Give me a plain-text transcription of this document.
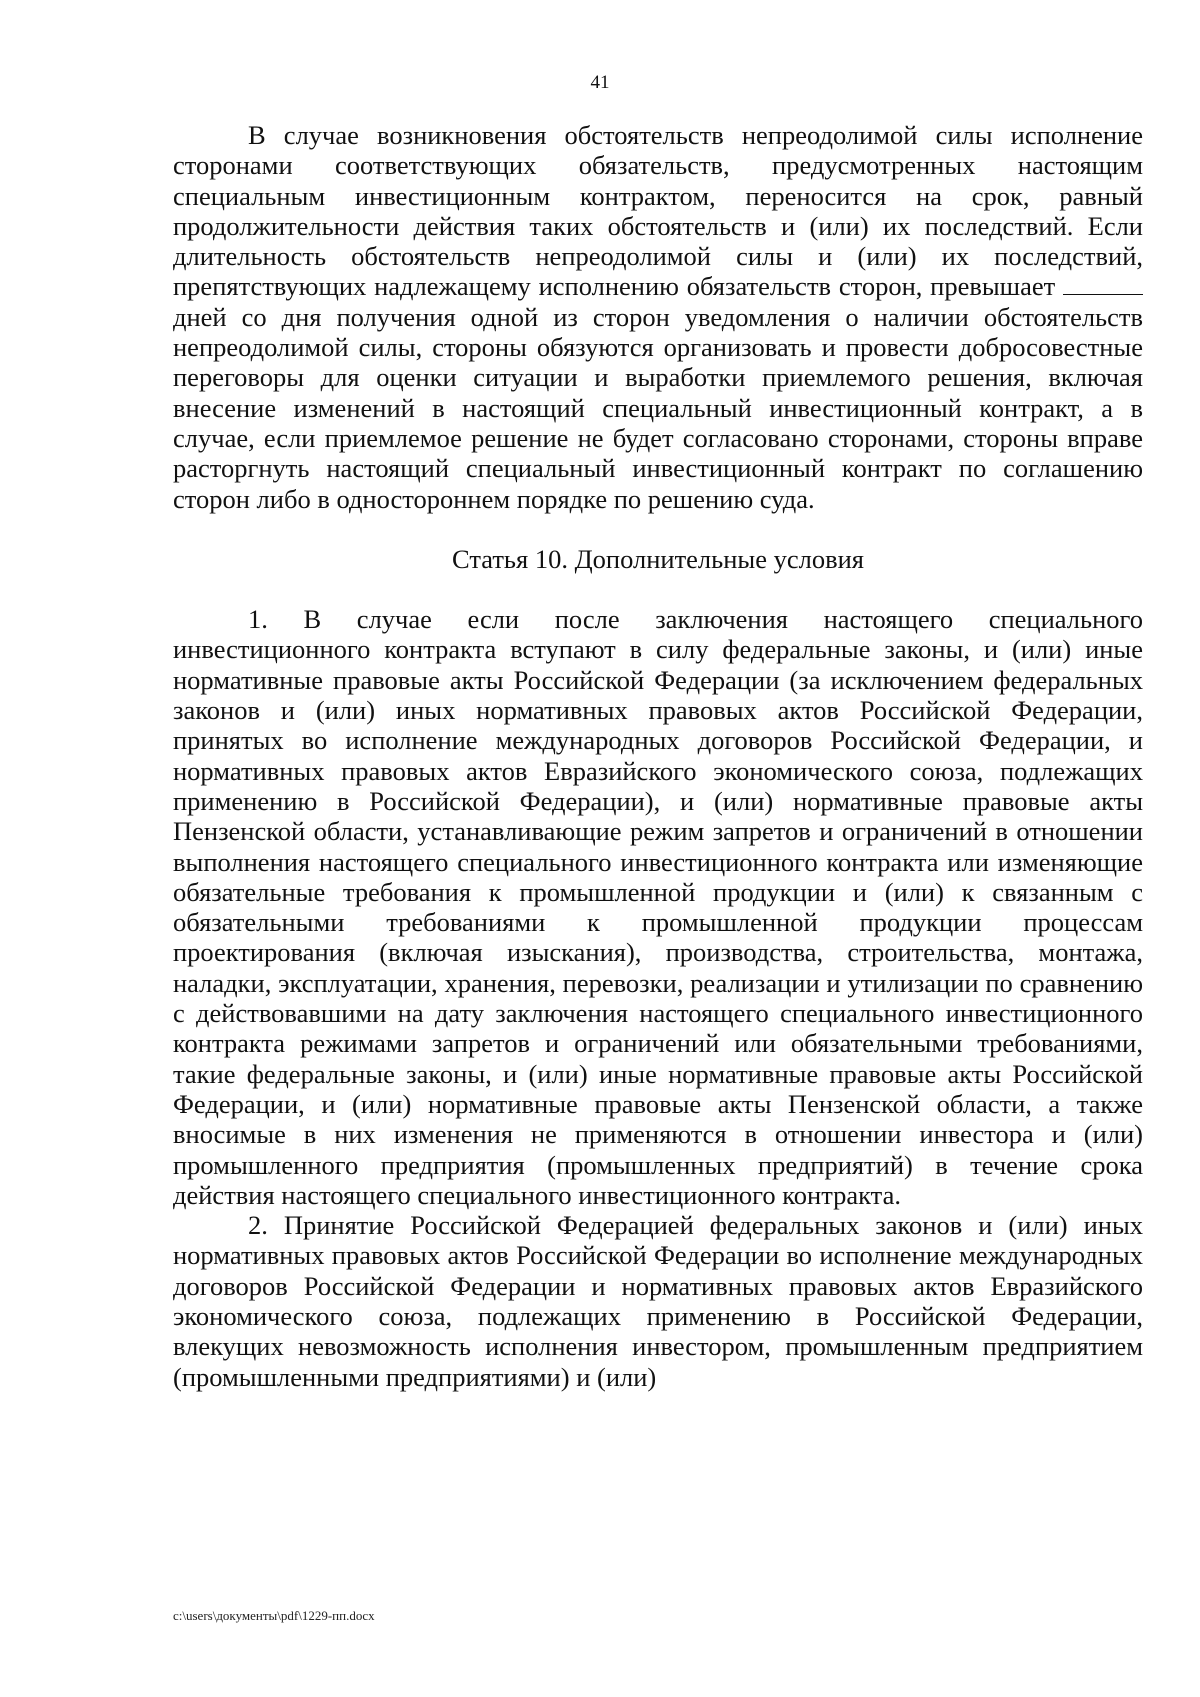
41

В случае возникновения обстоятельств непреодолимой силы исполнение сторонами соответствующих обязательств, предусмотренных настоящим специальным инвестиционным контрактом, переносится на срок, равный продолжительности действия таких обстоятельств и (или) их последствий. Если длительность обстоятельств непреодолимой силы и (или) их последствий, препятствующих надлежащему исполнению обязательств сторон, превышает  дней со дня получения одной из сторон уведомления о наличии обстоятельств непреодолимой силы, стороны обязуются организовать и провести добросовестные переговоры для оценки ситуации и выработки приемлемого решения, включая внесение изменений в настоящий специальный инвестиционный контракт, а в случае, если приемлемое решение не будет согласовано сторонами, стороны вправе расторгнуть настоящий специальный инвестиционный контракт по соглашению сторон либо в одностороннем порядке по решению суда.

Статья 10. Дополнительные условия

1. В случае если после заключения настоящего специального инвестиционного контракта вступают в силу федеральные законы, и (или) иные нормативные правовые акты Российской Федерации (за исключением федеральных законов и (или) иных нормативных правовых актов Российской Федерации, принятых во исполнение международных договоров Российской Федерации, и нормативных правовых актов Евразийского экономического союза, подлежащих применению в Российской Федерации), и (или) нормативные правовые акты Пензенской области, устанавливающие режим запретов и ограничений в отношении выполнения настоящего специального инвестиционного контракта или изменяющие обязательные требования к промышленной продукции и (или) к связанным с обязательными требованиями к промышленной продукции процессам проектирования (включая изыскания), производства, строительства, монтажа, наладки, эксплуатации, хранения, перевозки, реализации и утилизации по сравнению с действовавшими на дату заключения настоящего специального инвестиционного контракта режимами запретов и ограничений или обязательными требованиями, такие федеральные законы, и (или) иные нормативные правовые акты Российской Федерации, и (или) нормативные правовые акты Пензенской области, а также вносимые в них изменения не применяются в отношении инвестора и (или) промышленного предприятия (промышленных предприятий) в течение срока действия настоящего специального инвестиционного контракта.

2. Принятие Российской Федерацией федеральных законов и (или) иных нормативных правовых актов Российской Федерации во исполнение международных договоров Российской Федерации и нормативных правовых актов Евразийского экономического союза, подлежащих применению в Российской Федерации, влекущих невозможность исполнения инвестором, промышленным предприятием (промышленными предприятиями) и (или)

c:\users\документы\pdf\1229-пп.docx
